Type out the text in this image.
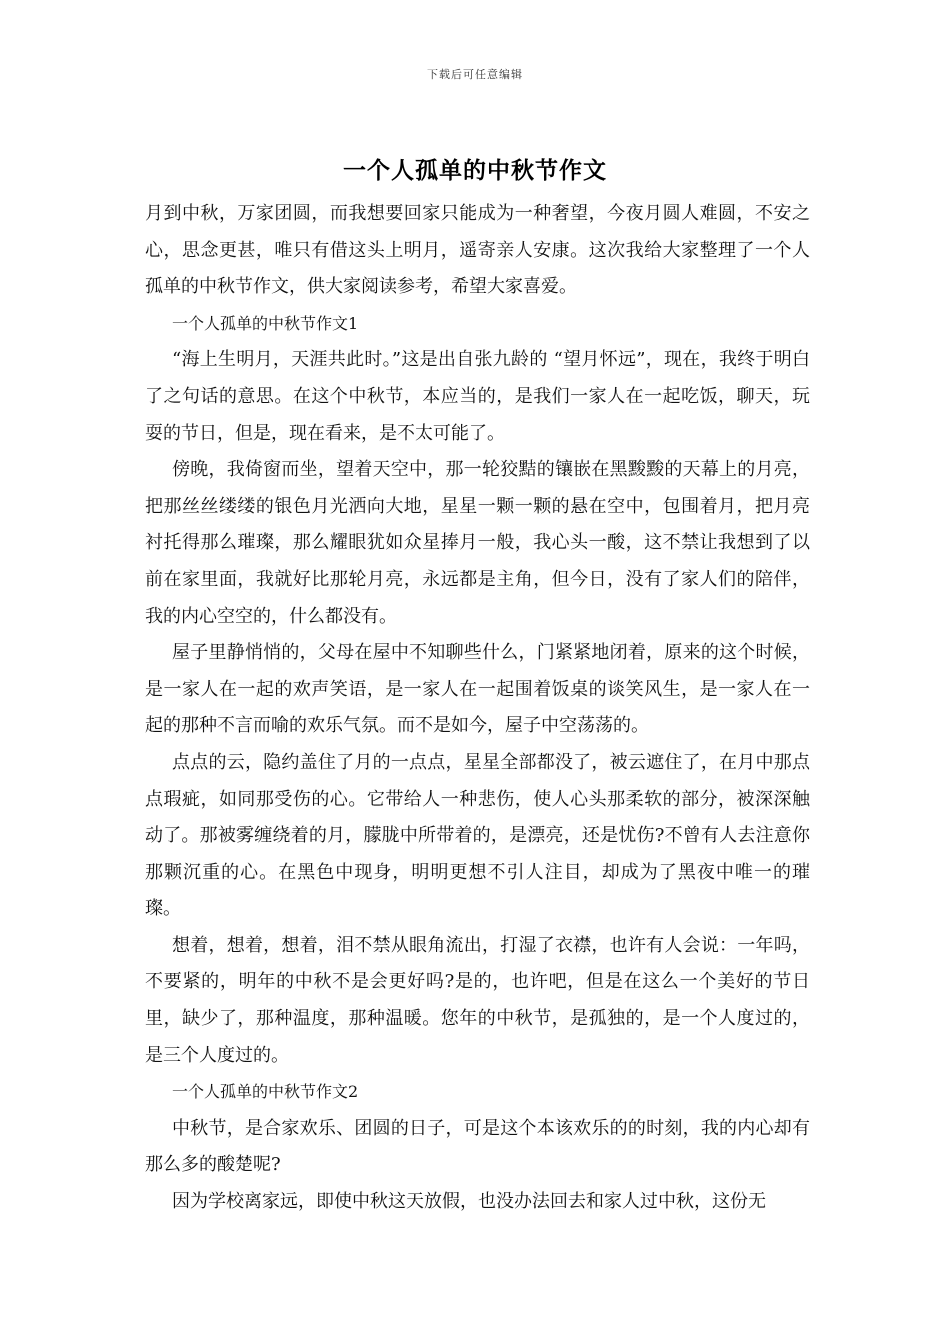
下载后可任意编辑
一个人孤单的中秋节作文

月到中秋，万家团圆，而我想要回家只能成为一种奢望，今夜月圆人难圆，不安之心，思念更甚，唯只有借这头上明月，遥寄亲人安康。这次我给大家整理了一个人孤单的中秋节作文，供大家阅读参考，希望大家喜爱。

一个人孤单的中秋节作文1

“海上生明月，天涯共此时。”这是出自张九龄的 “望月怀远”，现在，我终于明白了之句话的意思。在这个中秋节，本应当的，是我们一家人在一起吃饭，聊天，玩耍的节日，但是，现在看来，是不太可能了。

傍晚，我倚窗而坐，望着天空中，那一轮狡黠的镶嵌在黑黢黢的天幕上的月亮，把那丝丝缕缕的银色月光洒向大地，星星一颗一颗的悬在空中，包围着月，把月亮衬托得那么璀璨，那么耀眼犹如众星捧月一般，我心头一酸，这不禁让我想到了以前在家里面，我就好比那轮月亮，永远都是主角，但今日，没有了家人们的陪伴，我的内心空空的，什么都没有。

屋子里静悄悄的，父母在屋中不知聊些什么，门紧紧地闭着，原来的这个时候，是一家人在一起的欢声笑语，是一家人在一起围着饭桌的谈笑风生，是一家人在一起的那种不言而喻的欢乐气氛。而不是如今，屋子中空荡荡的。

点点的云，隐约盖住了月的一点点，星星全部都没了，被云遮住了，在月中那点点瑕疵，如同那受伤的心。它带给人一种悲伤，使人心头那柔软的部分，被深深触动了。那被雾缠绕着的月，朦胧中所带着的，是漂亮，还是忧伤?不曾有人去注意你那颗沉重的心。在黑色中现身，明明更想不引人注目，却成为了黑夜中唯一的璀璨。

想着，想着，想着，泪不禁从眼角流出，打湿了衣襟，也许有人会说：一年吗，不要紧的，明年的中秋不是会更好吗?是的，也许吧，但是在这么一个美好的节日里，缺少了，那种温度，那种温暖。您年的中秋节，是孤独的，是一个人度过的，是三个人度过的。

一个人孤单的中秋节作文2

中秋节，是合家欢乐、团圆的日子，可是这个本该欢乐的的时刻，我的内心却有那么多的酸楚呢?

因为学校离家远，即使中秋这天放假，也没办法回去和家人过中秋，这份无
